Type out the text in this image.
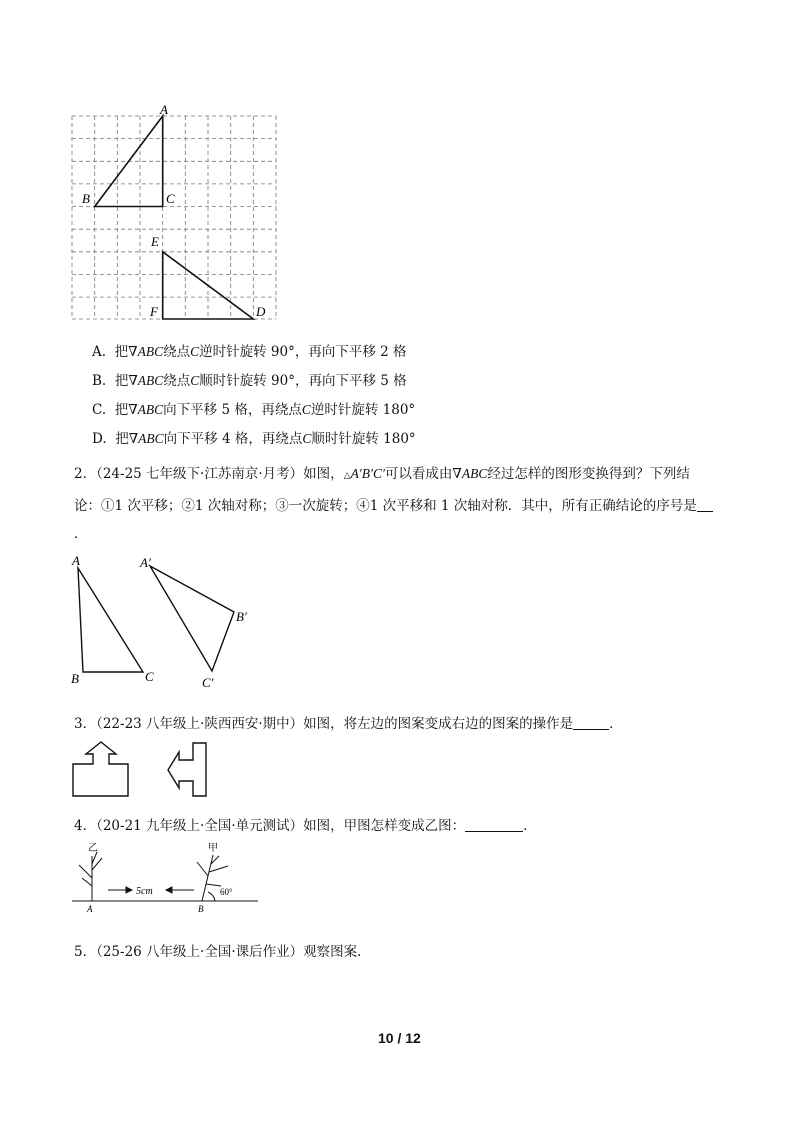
A
B	C
E
F	D
A. 把∇ABC绕点C逆时针旋转 90°，再向下平移 2 格
B. 把∇ABC绕点C顺时针旋转 90°，再向下平移 5 格
C. 把∇ABC向下平移 5 格，再绕点C逆时针旋转 180°
D. 把∇ABC向下平移 4 格，再绕点C顺时针旋转 180°
2．（24-25 七年级下·江苏南京·月考）如图，△A′B′C′可以看成由∇ABC经过怎样的图形变换得到？下列结
论：①1 次平移；②1 次轴对称；③一次旋转；④1 次平移和 1 次轴对称．其中，所有正确结论的序号是
．
A
B	C
A′
B′
C′
3．（22-23 八年级上·陕西西安·期中）如图，将左边的图案变成右边的图案的操作是	．
4．（20-21 九年级上·全国·单元测试）如图，甲图怎样变成乙图：	．
乙	甲
60°
5cm
A	B
5．（25-26 八年级上·全国·课后作业）观察图案．
10 / 12
